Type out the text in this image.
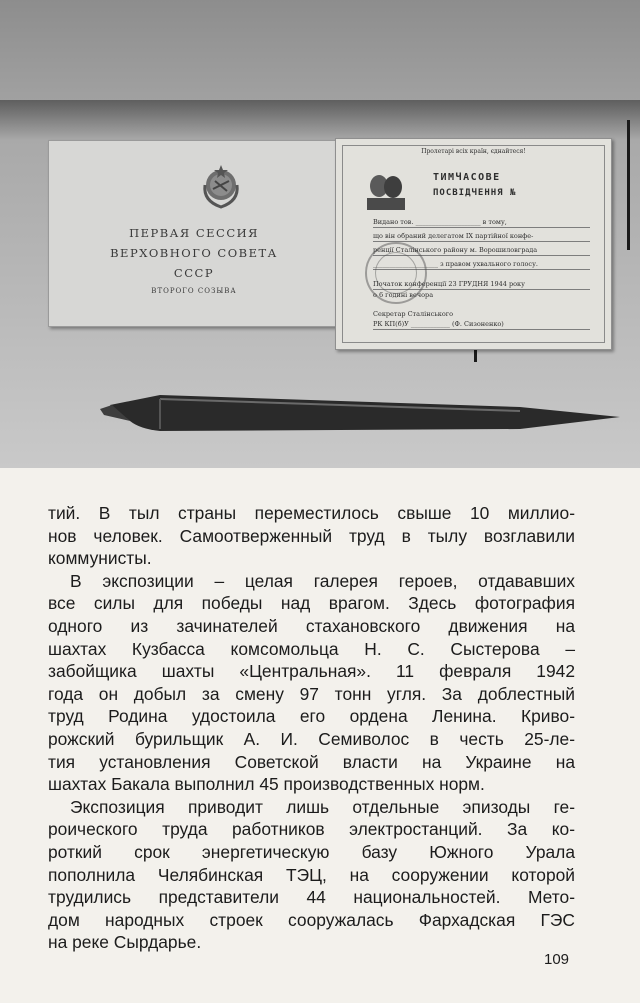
ПЕРВАЯ СЕССИЯ
ВЕРХОВНОГО СОВЕТА
СССР
ВТОРОГО СОЗЫВА
Пролетарі всіх країн, єднайтеся!
ТИМЧАСОВЕ
ПОСВІДЧЕННЯ №
Видано тов. ____________________ в тому,
що він обраний делегатом IX партійної конфе-
ренції Сталінського району м. Ворошиловграда
____________________ з правом ухвального голосу.
Початок конференції 23 ГРУДНЯ 1944 року
о 6 годині вечора
Секретар Сталінського
РК КП(б)У ____________ (Ф. Сизоненко)
тий. В тыл страны переместилось свыше 10 миллио-
нов человек. Самоотверженный труд в тылу возглавили
коммунисты.
В экспозиции – целая галерея героев, отдававших
все силы для победы над врагом. Здесь фотография
одного из зачинателей стахановского движения на
шахтах Кузбасса комсомольца Н. С. Сыстерова –
забойщика шахты «Центральная». 11 февраля 1942
года он добыл за смену 97 тонн угля. За доблестный
труд Родина удостоила его ордена Ленина. Криво-
рожский бурильщик А. И. Семиволос в честь 25-ле-
тия установления Советской власти на Украине на
шахтах Бакала выполнил 45 производственных норм.
Экспозиция приводит лишь отдельные эпизоды ге-
роического труда работников электростанций. За ко-
роткий срок энергетическую базу Южного Урала
пополнила Челябинская ТЭЦ, на сооружении которой
трудились представители 44 национальностей. Мето-
дом народных строек сооружалась Фархадская ГЭС
на реке Сырдарье.
109
